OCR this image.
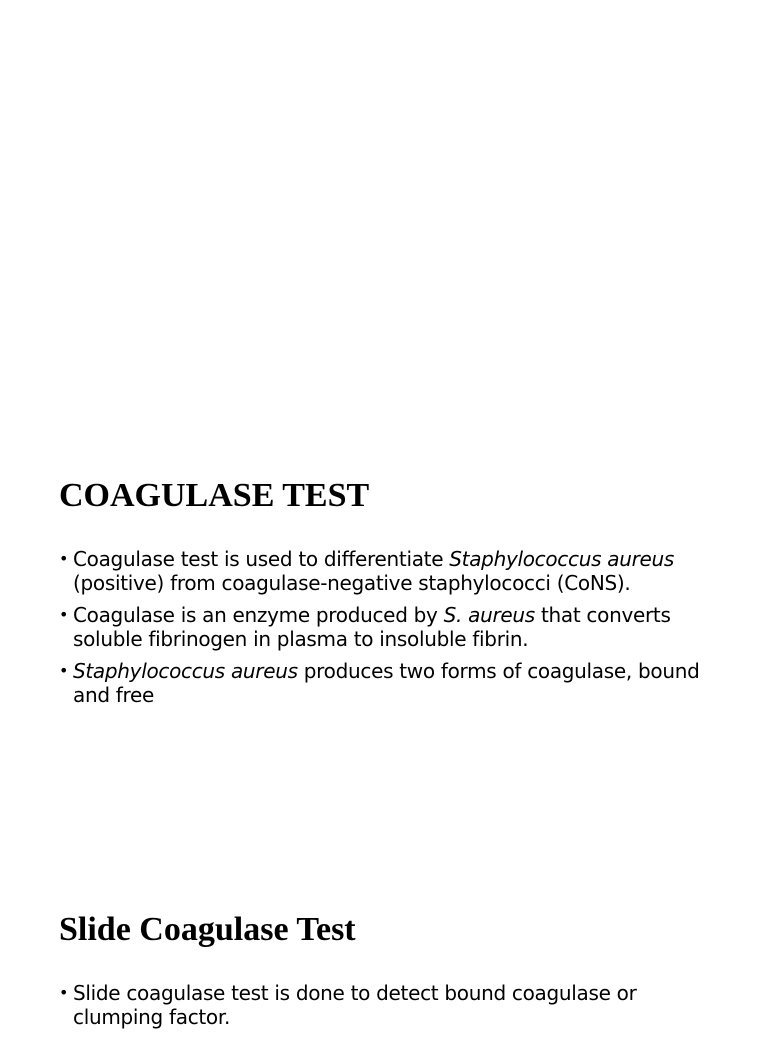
COAGULASE TEST
• Coagulase test is used to differentiate Staphylococcus aureus (positive) from coagulase-negative staphylococci (CoNS).
• Coagulase is an enzyme produced by S. aureus that converts soluble fibrinogen in plasma to insoluble fibrin.
• Staphylococcus aureus produces two forms of coagulase, bound and free
Slide Coagulase Test
• Slide coagulase test is done to detect bound coagulase or clumping factor.
